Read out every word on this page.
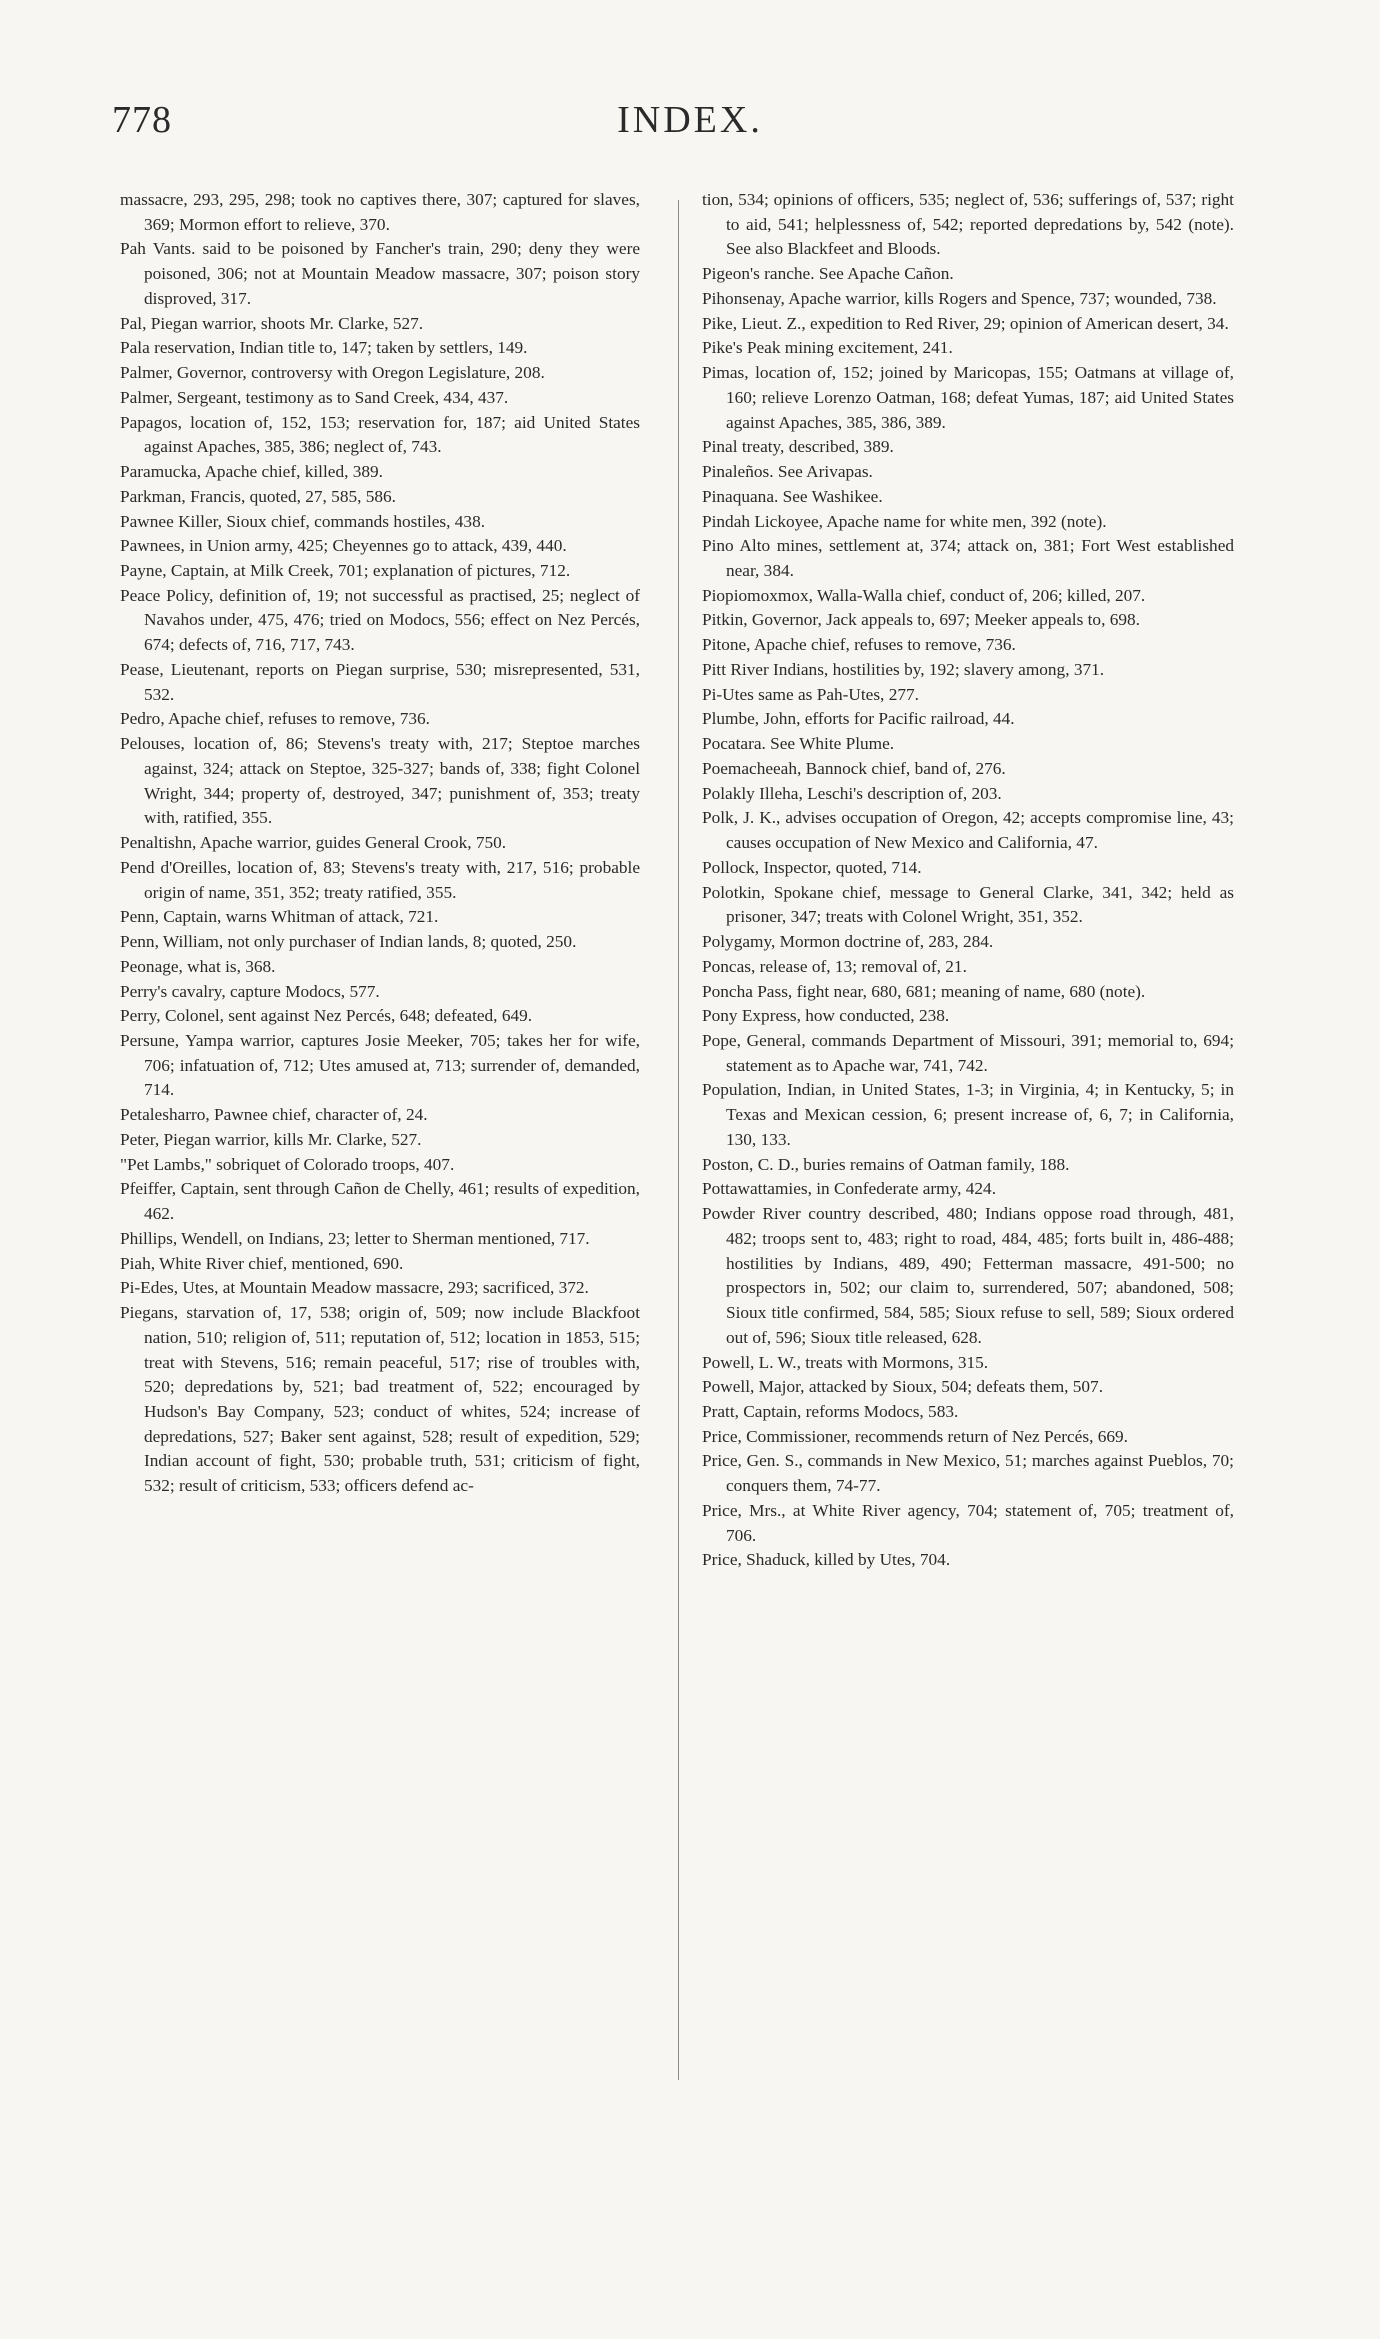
778	INDEX.

massacre, 293, 295, 298; took no captives there, 307; captured for slaves, 369; Mormon effort to relieve, 370.

Pah Vants. said to be poisoned by Fancher's train, 290; deny they were poisoned, 306; not at Mountain Meadow massacre, 307; poison story disproved, 317.

Pal, Piegan warrior, shoots Mr. Clarke, 527.

Pala reservation, Indian title to, 147; taken by settlers, 149.

Palmer, Governor, controversy with Oregon Legislature, 208.

Palmer, Sergeant, testimony as to Sand Creek, 434, 437.

Papagos, location of, 152, 153; reservation for, 187; aid United States against Apaches, 385, 386; neglect of, 743.

Paramucka, Apache chief, killed, 389.

Parkman, Francis, quoted, 27, 585, 586.

Pawnee Killer, Sioux chief, commands hostiles, 438.

Pawnees, in Union army, 425; Cheyennes go to attack, 439, 440.

Payne, Captain, at Milk Creek, 701; explanation of pictures, 712.

Peace Policy, definition of, 19; not successful as practised, 25; neglect of Navahos under, 475, 476; tried on Modocs, 556; effect on Nez Percés, 674; defects of, 716, 717, 743.

Pease, Lieutenant, reports on Piegan surprise, 530; misrepresented, 531, 532.

Pedro, Apache chief, refuses to remove, 736.

Pelouses, location of, 86; Stevens's treaty with, 217; Steptoe marches against, 324; attack on Steptoe, 325-327; bands of, 338; fight Colonel Wright, 344; property of, destroyed, 347; punishment of, 353; treaty with, ratified, 355.

Penaltishn, Apache warrior, guides General Crook, 750.

Pend d'Oreilles, location of, 83; Stevens's treaty with, 217, 516; probable origin of name, 351, 352; treaty ratified, 355.

Penn, Captain, warns Whitman of attack, 721.

Penn, William, not only purchaser of Indian lands, 8; quoted, 250.

Peonage, what is, 368.

Perry's cavalry, capture Modocs, 577.

Perry, Colonel, sent against Nez Percés, 648; defeated, 649.

Persune, Yampa warrior, captures Josie Meeker, 705; takes her for wife, 706; infatuation of, 712; Utes amused at, 713; surrender of, demanded, 714.

Petalesharro, Pawnee chief, character of, 24.

Peter, Piegan warrior, kills Mr. Clarke, 527.

"Pet Lambs," sobriquet of Colorado troops, 407.

Pfeiffer, Captain, sent through Cañon de Chelly, 461; results of expedition, 462.

Phillips, Wendell, on Indians, 23; letter to Sherman mentioned, 717.

Piah, White River chief, mentioned, 690.

Pi-Edes, Utes, at Mountain Meadow massacre, 293; sacrificed, 372.

Piegans, starvation of, 17, 538; origin of, 509; now include Blackfoot nation, 510; religion of, 511; reputation of, 512; location in 1853, 515; treat with Stevens, 516; remain peaceful, 517; rise of troubles with, 520; depredations by, 521; bad treatment of, 522; encouraged by Hudson's Bay Company, 523; conduct of whites, 524; increase of depredations, 527; Baker sent against, 528; result of expedition, 529; Indian account of fight, 530; probable truth, 531; criticism of fight, 532; result of criticism, 533; officers defend ac-

tion, 534; opinions of officers, 535; neglect of, 536; sufferings of, 537; right to aid, 541; helplessness of, 542; reported depredations by, 542 (note). See also Blackfeet and Bloods.

Pigeon's ranche. See Apache Cañon.

Pihonsenay, Apache warrior, kills Rogers and Spence, 737; wounded, 738.

Pike, Lieut. Z., expedition to Red River, 29; opinion of American desert, 34.

Pike's Peak mining excitement, 241.

Pimas, location of, 152; joined by Maricopas, 155; Oatmans at village of, 160; relieve Lorenzo Oatman, 168; defeat Yumas, 187; aid United States against Apaches, 385, 386, 389.

Pinal treaty, described, 389.

Pinaleños. See Arivapas.

Pinaquana. See Washikee.

Pindah Lickoyee, Apache name for white men, 392 (note).

Pino Alto mines, settlement at, 374; attack on, 381; Fort West established near, 384.

Piopiomoxmox, Walla-Walla chief, conduct of, 206; killed, 207.

Pitkin, Governor, Jack appeals to, 697; Meeker appeals to, 698.

Pitone, Apache chief, refuses to remove, 736.

Pitt River Indians, hostilities by, 192; slavery among, 371.

Pi-Utes same as Pah-Utes, 277.

Plumbe, John, efforts for Pacific railroad, 44.

Pocatara. See White Plume.

Poemacheeah, Bannock chief, band of, 276.

Polakly Illeha, Leschi's description of, 203.

Polk, J. K., advises occupation of Oregon, 42; accepts compromise line, 43; causes occupation of New Mexico and California, 47.

Pollock, Inspector, quoted, 714.

Polotkin, Spokane chief, message to General Clarke, 341, 342; held as prisoner, 347; treats with Colonel Wright, 351, 352.

Polygamy, Mormon doctrine of, 283, 284.

Poncas, release of, 13; removal of, 21.

Poncha Pass, fight near, 680, 681; meaning of name, 680 (note).

Pony Express, how conducted, 238.

Pope, General, commands Department of Missouri, 391; memorial to, 694; statement as to Apache war, 741, 742.

Population, Indian, in United States, 1-3; in Virginia, 4; in Kentucky, 5; in Texas and Mexican cession, 6; present increase of, 6, 7; in California, 130, 133.

Poston, C. D., buries remains of Oatman family, 188.

Pottawattamies, in Confederate army, 424.

Powder River country described, 480; Indians oppose road through, 481, 482; troops sent to, 483; right to road, 484, 485; forts built in, 486-488; hostilities by Indians, 489, 490; Fetterman massacre, 491-500; no prospectors in, 502; our claim to, surrendered, 507; abandoned, 508; Sioux title confirmed, 584, 585; Sioux refuse to sell, 589; Sioux ordered out of, 596; Sioux title released, 628.

Powell, L. W., treats with Mormons, 315.

Powell, Major, attacked by Sioux, 504; defeats them, 507.

Pratt, Captain, reforms Modocs, 583.

Price, Commissioner, recommends return of Nez Percés, 669.

Price, Gen. S., commands in New Mexico, 51; marches against Pueblos, 70; conquers them, 74-77.

Price, Mrs., at White River agency, 704; statement of, 705; treatment of, 706.

Price, Shaduck, killed by Utes, 704.
